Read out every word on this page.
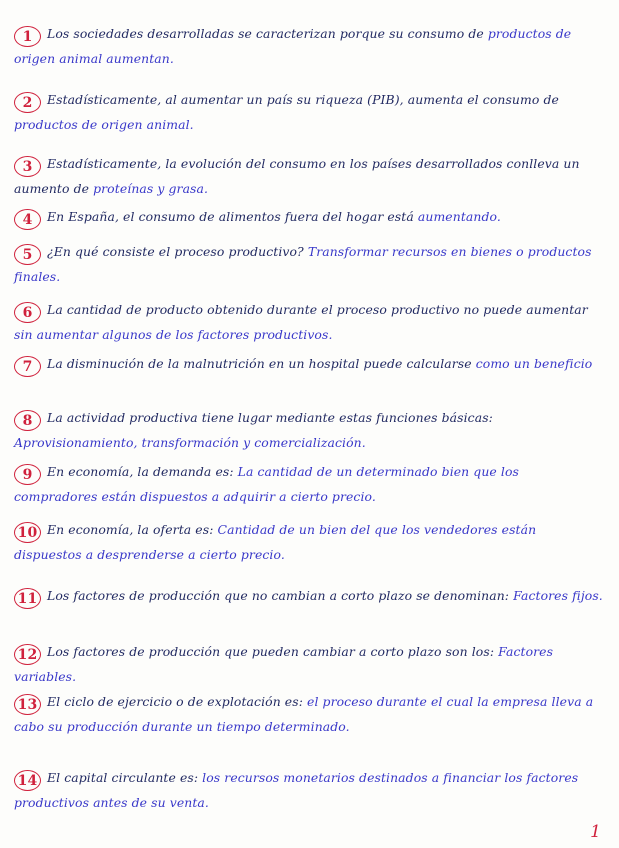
1 Los sociedades desarrolladas se caracterizan porque su consumo de productos de origen animal aumentan.
2 Estadísticamente, al aumentar un país su riqueza (PIB), aumenta el consumo de productos de origen animal.
3 Estadísticamente, la evolución del consumo en los países desarrollados conlleva un aumento de proteínas y grasa.
4 En España, el consumo de alimentos fuera del hogar está aumentando.
5 ¿En qué consiste el proceso productivo? Transformar recursos en bienes o productos finales.
6 La cantidad de producto obtenido durante el proceso productivo no puede aumentar sin aumentar algunos de los factores productivos.
7 La disminución de la malnutrición en un hospital puede calcularse como un beneficio
8 La actividad productiva tiene lugar mediante estas funciones básicas: Aprovisionamiento, transformación y comercialización.
9 En economía, la demanda es: La cantidad de un determinado bien que los compradores están dispuestos a adquirir a cierto precio.
10 En economía, la oferta es: Cantidad de un bien del que los vendedores están dispuestos a desprenderse a cierto precio.
11 Los factores de producción que no cambian a corto plazo se denominan: Factores fijos.
12 Los factores de producción que pueden cambiar a corto plazo son los: Factores variables.
13 El ciclo de ejercicio o de explotación es: el proceso durante el cual la empresa lleva a cabo su producción durante un tiempo determinado.
14 El capital circulante es: los recursos monetarios destinados a financiar los factores productivos antes de su venta.
1
